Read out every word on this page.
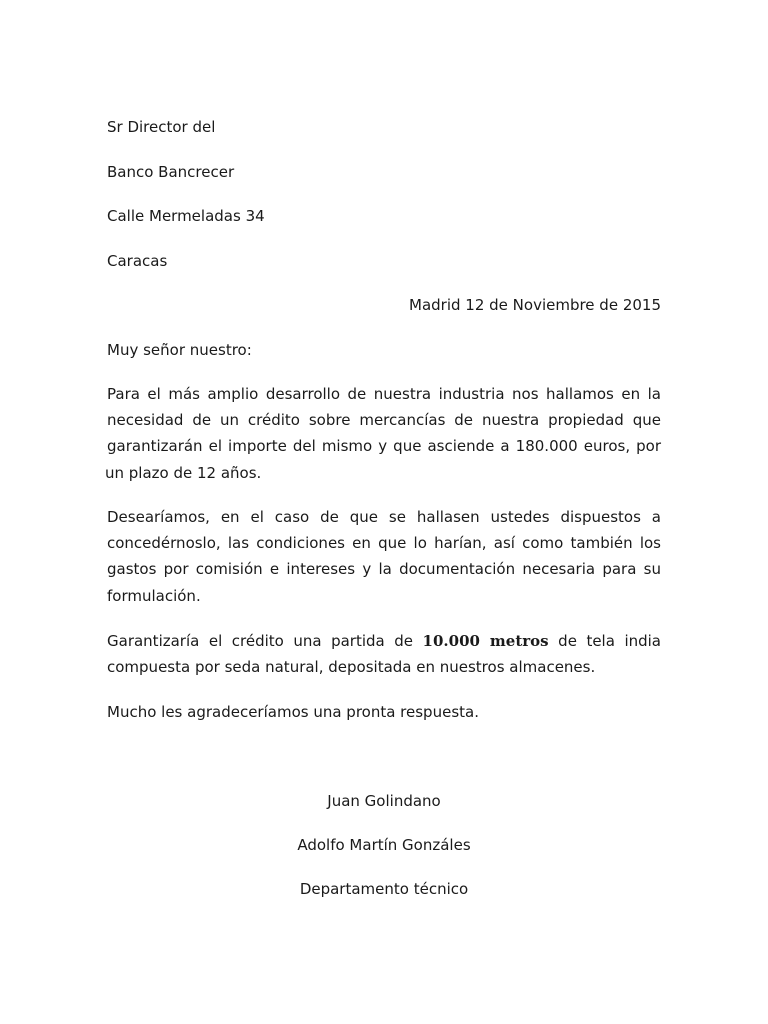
Sr Director del
Banco Bancrecer
Calle Mermeladas 34
Caracas
Madrid 12 de Noviembre de 2015
Muy señor nuestro:
Para el más amplio desarrollo de nuestra industria nos hallamos en la
necesidad de un crédito sobre mercancías de nuestra propiedad que
garantizarán el importe del mismo y que asciende a 180.000 euros, por
un plazo de 12 años.
Desearíamos, en el caso de que se hallasen ustedes dispuestos a
concedérnoslo, las condiciones en que lo harían, así como también los
gastos por comisión e intereses y la documentación necesaria para su
formulación.
Garantizaría el crédito una partida de 10.000 metros de tela india
compuesta por seda natural, depositada en nuestros almacenes.
Mucho les agradeceríamos una pronta respuesta.
Juan Golindano
Adolfo Martín Gonzáles
Departamento técnico
